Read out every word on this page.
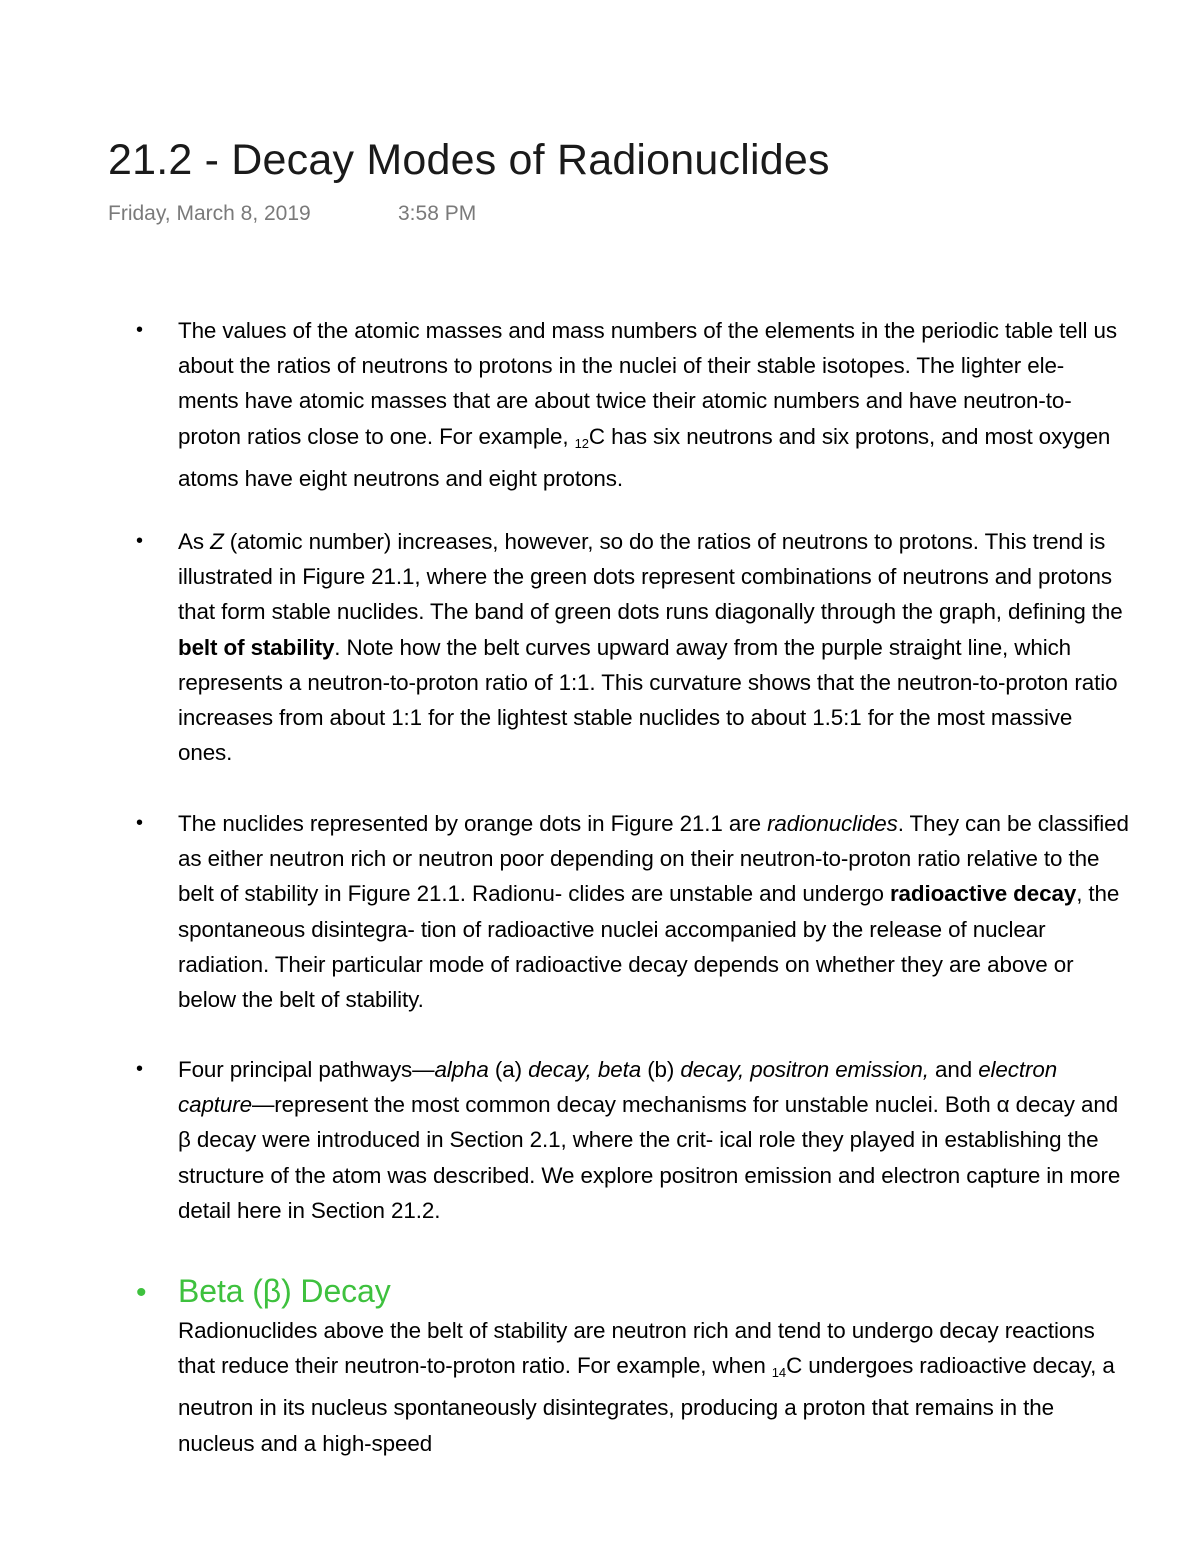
21.2 - Decay Modes of Radionuclides
Friday, March 8, 2019	3:58 PM
• The values of the atomic masses and mass numbers of the elements in the periodic table tell us about the ratios of neutrons to protons in the nuclei of their stable isotopes. The lighter ele- ments have atomic masses that are about twice their atomic numbers and have neutron-to-proton ratios close to one. For example, $_{12}$C has six neutrons and six protons, and most oxygen atoms have eight neutrons and eight protons.
• As Z (atomic number) increases, however, so do the ratios of neutrons to protons. This trend is illustrated in Figure 21.1, where the green dots represent combinations of neutrons and protons that form stable nuclides. The band of green dots runs diagonally through the graph, defining the belt of stability. Note how the belt curves upward away from the purple straight line, which represents a neutron-to-proton ratio of 1:1. This curvature shows that the neutron-to-proton ratio increases from about 1:1 for the lightest stable nuclides to about 1.5:1 for the most massive ones.
• The nuclides represented by orange dots in Figure 21.1 are radionuclides. They can be classified as either neutron rich or neutron poor depending on their neutron-to-proton ratio relative to the belt of stability in Figure 21.1. Radionu- clides are unstable and undergo radioactive decay, the spontaneous disintegra- tion of radioactive nuclei accompanied by the release of nuclear radiation. Their particular mode of radioactive decay depends on whether they are above or below the belt of stability.
• Four principal pathways—alpha (a) decay, beta (b) decay, positron emission, and electron capture—represent the most common decay mechanisms for unstable nuclei. Both α decay and β decay were introduced in Section 2.1, where the crit- ical role they played in establishing the structure of the atom was described. We explore positron emission and electron capture in more detail here in Section 21.2.
• Beta (β) Decay
Radionuclides above the belt of stability are neutron rich and tend to undergo decay reactions that reduce their neutron-to-proton ratio. For example, when $_{14}$C undergoes radioactive decay, a neutron in its nucleus spontaneously disintegrates, producing a proton that remains in the nucleus and a high-speed
